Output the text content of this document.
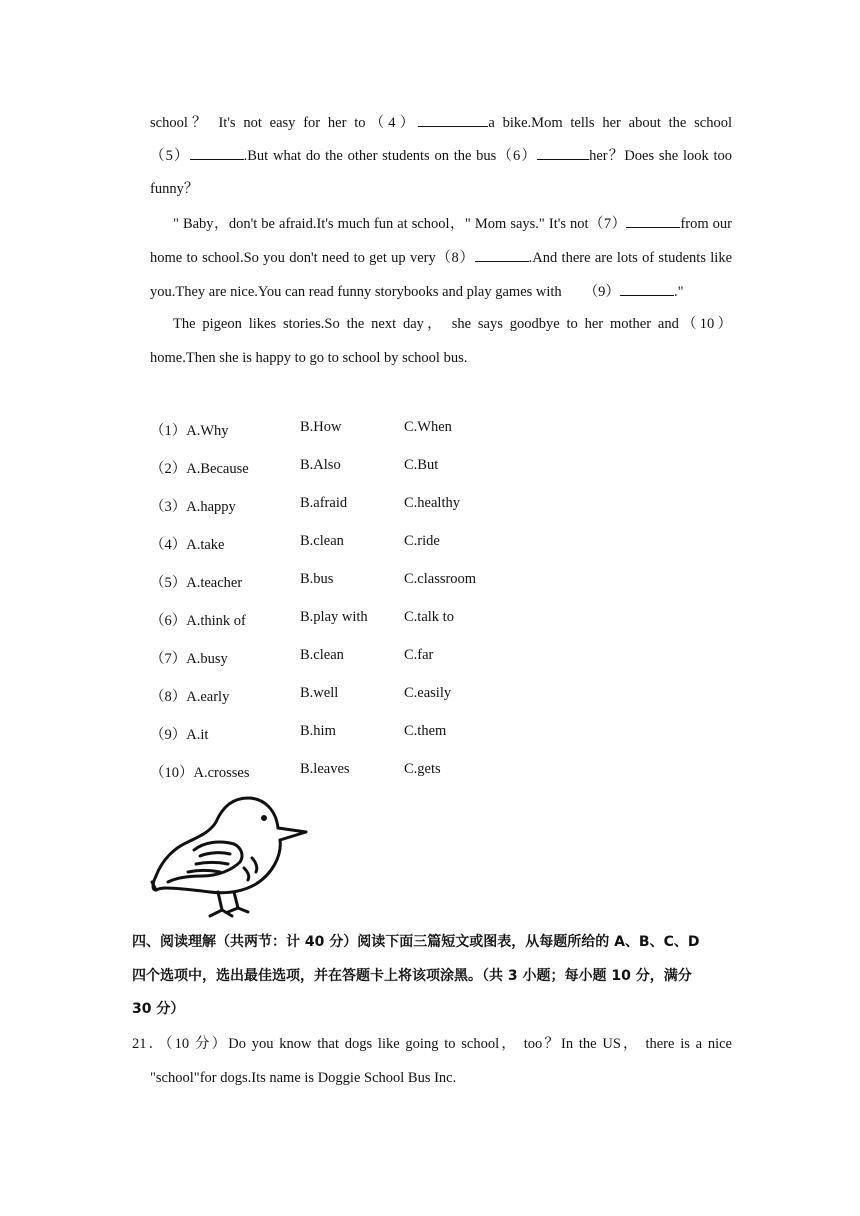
school？ It's not easy for her to（4）	a bike.Mom tells her about the school
（5）	.But what do the other students on the bus（6）	her？Does she look too
funny？
" Baby，don't be afraid.It's much fun at school，" Mom says." It's not（7）	from our
home to school.So you don't need to get up very（8）	.And there are lots of students like
you.They are nice.You can read funny storybooks and play games with （9）	."
The pigeon likes stories.So the next day， she says goodbye to her mother and（10）
home.Then she is happy to go to school by school bus.
（1）A.Why	B.How	C.When
（2）A.Because	B.Also	C.But
（3）A.happy	B.afraid	C.healthy
（4）A.take	B.clean	C.ride
（5）A.teacher	B.bus	C.classroom
（6）A.think of	B.play with	C.talk to
（7）A.busy	B.clean	C.far
（8）A.early	B.well	C.easily
（9）A.it	B.him	C.them
（10）A.crosses	B.leaves	C.gets
四、阅读理解（共两节：计 40 分）阅读下面三篇短文或图表，从每题所给的 A、B、C、D
四个选项中，选出最佳选项，并在答题卡上将该项涂黑。（共 3 小题；每小题 10 分，满分
30 分）
21．（10 分）Do you know that dogs like going to school， too？In the US， there is a nice
"school"for dogs.Its name is Doggie School Bus Inc.
